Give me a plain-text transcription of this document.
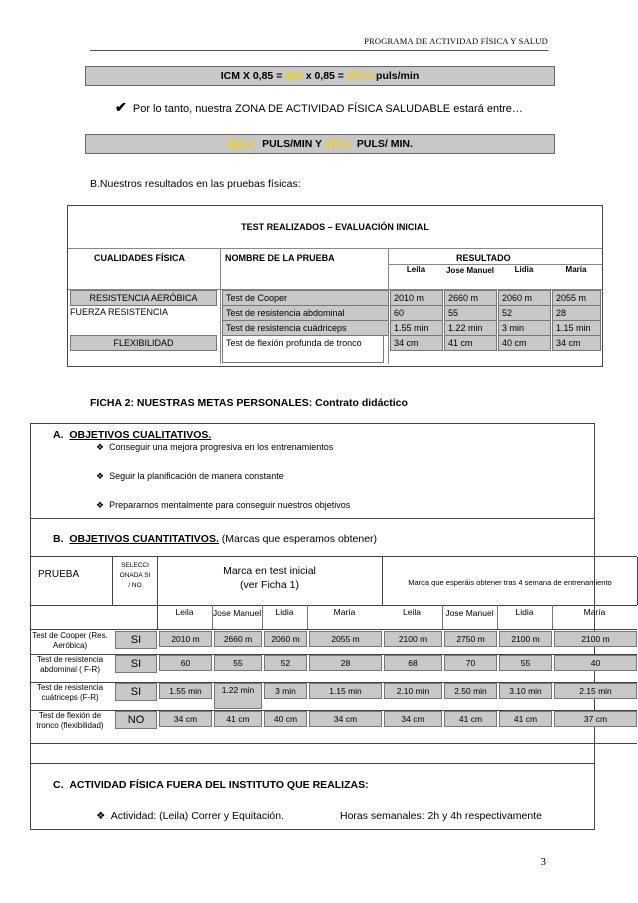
PROGRAMA DE ACTIVIDAD FÍSICA Y SALUD
ICM X 0,85 = 204 x 0,85 = 173.4 puls/min
✔ Por lo tanto, nuestra ZONA DE ACTIVIDAD FÍSICA SALUDABLE estará entre…
122.4   PULS/MIN Y 173.4  PULS/ MIN.
B.Nuestros resultados en las pruebas físicas:
TEST REALIZADOS – EVALUACIÓN INICIAL
CUALIDADES FÍSICA	NOMBRE DE LA PRUEBA	RESULTADO
Leila	Jose Manuel	Lidia	María
RESISTENCIA AERÓBICA	Test de Cooper	2010 m	2660 m	2060 m	2055 m
FUERZA RESISTENCIA	Test de resistencia abdominal	60	55	52	28
Test de resistencia cuádriceps	1.55 min	1.22 min	3 min	1.15 min
FLEXIBILIDAD	Test de flexión profunda de tronco	34 cm	41 cm	40 cm	34 cm
FICHA 2: NUESTRAS METAS PERSONALES: Contrato didáctico
A. OBJETIVOS CUALITATIVOS.
❖ Conseguir una mejora progresiva en los entrenamientos
❖ Seguir la planificación de manera constante
❖ Prepararnos mentalmente para conseguir nuestros objetivos
B. OBJETIVOS CUANTITATIVOS. (Marcas que esperamos obtener)
PRUEBA
SELECCIONADA SI / NO
Marca en test inicial
(ver Ficha 1)	Marca que esperáis obtener tras 4 semana de entrenamiento
Leila	Jose Manuel	Lidia	María	Leila	Jose Manuel	Lidia	María
Test de Cooper (Res. Aeróbica)	SI	2010 m	2660 m	2060 m	2055 m	2100 m	2750 m	2100 m	2100 m
Test de resistencia abdominal ( F-R)	SI	60	55	52	28	68	70	55	40
Test de resistencia cuátriceps (F-R)	SI	1.55 min	1.22 min	3 min	1.15 min	2.10 min	2.50 min	3.10 min	2.15 min
Test de flexión de tronco (flexibilidad)	NO	34 cm	41 cm	40 cm	34 cm	34 cm	41 cm	41 cm	37 cm
C. ACTIVIDAD FÍSICA FUERA DEL INSTITUTO QUE REALIZAS:
❖ Actividad: (Leila) Correr y Equitación.	Horas semanales: 2h y 4h respectivamente
3
